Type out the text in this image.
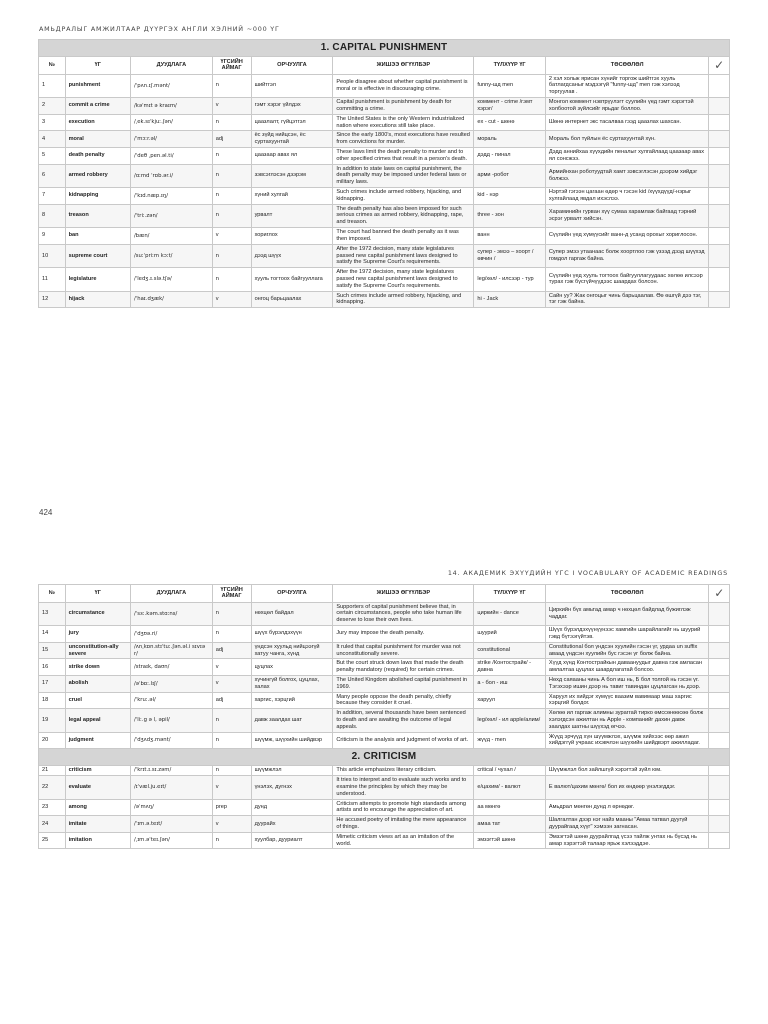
АМЬДРАЛЫГ АМЖИЛТААР ДҮҮРГЭХ АНГЛИ ХЭЛНИЙ ~000 ҮГ
1. CAPITAL PUNISHMENT								
№	ҮГ	ДУУДЛАГА	ҮГСИЙН АЙМАГ	ОРЧУУЛГА	ЖИШЭЭ ӨГҮҮЛБЭР	ТҮЛХҮҮР ҮГ	ТӨСӨӨЛӨЛ	✓
1	punishment	/ˈpʌn.ɪʃ.mənt/	n	шийтгэл	People disagree about whether capital punishment is moral or is effective in discouraging crime.	funny-шд men	2 хэл хольж ярисан хүнийг торгож шийтгэх хууль батлагдсаныг мэдээгүй "funny-шд" men гэж хэлээд торгуулав .	
2	commit a crime	/kəˈmɪt ə kraɪm/	v	гэмт хэрэг үйлдэх	Capital punishment is punishment by death for committing a crime.	коммент - crime /гэмт хэрэг/	Монгол коммент нэвтрүүлэгт суулийн үед гэмт хэрэгтэй холбоотой зүйлсийг ярьдаг боллоо.	
3	execution	/ˌek.sɪˈkjuː.ʃən/	n	цаазлалт, гүйцэтгэл	The United States is the only Western industrialized nation where executions still take place.	ex - cut - шөнө	Шөнө интернет экс тасалваа гээд цаазлах шахсан.	
4	moral	/ˈmɔːr.əl/	adj	ёс зүйд нийцсэн, ёс суртахуунтай	Since the early 1800's, most executions have resulted from convictions for murder.	мораль	Мораль бол түйлын ёс суртахуунтай хүн.	
5	death penalty	/ˈdeθ ˌpen.əl.ti/	n	цаазаар авах ял	These laws limit the death penalty to murder and to other specified crimes that result in a person's death.	дэдд - пинал	Дэдд аннийхаа хүүхдийн пеналыг хулгайлаад цаазаар авах ял сонсжээ.	
6	armed robbery	/ɑːmd ˈrɒb.ər.i/	n	зэвсэглэсэн дээрэм	In addition to state laws on capital punishment, the death penalty may be imposed under federal laws or military laws.	арми -робот	Армийнхан роботуудтай хамт зэвсэглэсэн дээрэм хийдэг болжээ.	
7	kidnapping	/ˈkɪd.næp.ɪŋ/	n	хүний хулгай	Such crimes include armed robbery, hijacking, and kidnapping.	kid - нэр	Нэртэй гэгээн цагаан өдөр ч гэсэн kid /хүүхдүүд/-нэрыг хулгайлаад явдал ихэслээ.	
8	treason	/ˈtriː.zən/	n	урвалт	The death penalty has also been imposed for such serious crimes as armed robbery, kidnapping, rape, and treason.	three - зон	Хараминийн гурван хүү сумаа харамлаж байгаад тэрний эсрэг урвалт хийсэн.	
9	ban	/bæn/	v	хориглох	The court had banned the death penalty as it was then imposed.	ванн	Сүүлийн үед хүмүүсийг ванн-д усанд орохыг хориглосон.	
10	supreme court	/suːˈpriːm kɔːt/	n	дээд шүүх	After the 1972 decision, many state legislatures passed new capital punishment laws designed to satisfy the Supreme Court's requirements.	супер - эмээ – хоорт / өвчин /	Супер эмээ утаанаас болж хоортлоо гэж үзээд дээд шүүхэд гомдол гаргаж байна.	
11	legislature	/ˈledʒ.ɪ.slə.tʃə/	n	хууль тогтоох байгууллага	After the 1972 decision, many state legislatures passed new capital punishment laws designed to satisfy the Supreme Court's requirements.	leg/хөл/ - илсээр - тур	Сүүлийн үед хууль тогтоох байгууллагуудаас хөлөө илсээр турах гэж бүсгүйчүүдээс шаардах болсон.	
12	hijack	/ˈhaɪ.dʒæk/	v	онгоц барьцаалах	Such crimes include armed robbery, hijacking, and kidnapping.	hi - Jack	Сайн уу? Жак онгоцыг чинь барьцаалав. Өө өшгүй дээ тэг, тэг гэж байна.	
424
14. АКАДЕМИК ЭХҮҮДИЙН ҮГС I VOCABULARY OF ACADEMIC READINGS
№	ҮГ	ДУУДЛАГА	ҮГСИЙН АЙМАГ	ОРЧУУЛГА	ЖИШЭЭ ӨГҮҮЛБЭР	ТҮЛХҮҮР ҮГ	ТӨСӨӨЛӨЛ	✓
13	circumstance	/ˈsɜː.kəm.stɑːns/	n	нөхцөл байдал	Supporters of capital punishment believe that, in certain circumstances, people who take human life deserve to lose their own lives.	циркийн - dance	Циркийн бүх амьтад амар ч нөхцөл байдлад бүжиглэж чаддаг.	
14	jury	/ˈdʒʊə.ri/	n	шүүх бүрэлдэхүүн	Jury may impose the death penalty.	шуурий	Шүүх бүрэлдэхүүнүүнээс хамгийн шарайлагийг нь шуурий гэвд бүтээгүйтэв.	
15	unconstitution-ally severe	/ʌnˌkɒn.stɪˈtuː.ʃən.əl.i sɪvɪə r/	adj	үндсэн хуульд нийцээгүй хатуу чанга, хүнд	It ruled that capital punishment for murder was not unconstitutionally severe.	constitutional	Constitutional бол үндсэн хуулийн гэсэн үг, урдаа un suffix аваад үндсэн хуулийн бус гэсэн үг болж байна.	
16	strike down	/straɪk, daʊn/	v	цуцлах	But the court struck down laws that made the death penalty mandatory (required) for certain crimes.	strike /Контострайк/ - давна	Хүүд хүнд Контострайкын даваануудыг давна гэж амласан амлалтаа цуцлах шаардлагатай болсоо.	
17	abolish	/əˈbɒː.lɪʃ/	v	хүчингүй болгох, цуцлах, халах	The United Kingdom abolished capital punishment in 1969.	а - бол - иш	Нөхд саяааны чинь А бол иш нь, Б бол толгой нь гэсэн үг. Тэгэхээр ишин дээр нь тавиг тавиндан цуцлагсан нь дээр.	
18	cruel	/ˈkruː.əl/	adj	харгис, хэрцгий	Many people oppose the death penalty, chiefly because they consider it cruel.	харуул	Харуул их хийдэг хүмүүс ваазим вавимаар маш харгис хэрцгий болдог.	
19	legal appeal	/ˈliː.g ə l, əpil/	n	давж заалдах шат	In addition, several thousands have been sentenced to death and are awaiting the outcome of legal appeals.	leg/хөл/ - ил apple/алим/	Хөлөө ил гаргаж алимны зураггай тирко өмссөнөөсөө болж хэлэгдсэн ажилтан нь Apple - компанийг дахин давж заалдах шатны шүүхэд өгчээ.	
20	judgment	/ˈdʒʌdʒ.mənt/	n	шүүмж, шүүхийн шийдвэр	Criticism is the analysis and judgment of works of art.	жүүд - men	Жүүд эрчүүд хүн шүүмжлэх, шүүмж хийхээс өөр ажил хийдэггүй учраас ихэвчлэн шүүхийн шийдвэрт ажилладаг.	
2. CRITICISM								
21	criticism	/ˈkrɪt.ɪ.sɪ.zəm/	n	шүүмжлэл	This article emphasizes literary criticism.	critical / чухал /	Шүүмжлэл бол зайлшгүй хэрэгтэй зүйл юм.	
22	evaluate	/ɪˈvæl.ju.eɪt/	v	үнэлэх, дүгнэх	It tries to interpret and to evaluate such works and to examine the principles by which they may be understood.	е/цахим/ - валют	Е валют/цахим мөнгө/ бол их өндөөр үнэлэгддэг.	
23	among	/əˈmʌŋ/	prep	дунд	Criticism attempts to promote high standards among artists and to encourage the appreciation of art.	аа мөнгө	Амьдрал мөнгөн дунд л өрнөдөг.	
24	imitate	/ˈɪm.ə.teɪt/	v	дуурайх	He accused poetry of imitating the mere appearance of things.	амаа тат	Шалгалтан дээр нэг найз мааны "Амаа татвал дуугүй дуурайгаад хүүг" хэмээн загнасан.	
25	imitation	/ˌɪm.əˈteɪ.ʃən/	n	хуулбар, дууриалт	Mimetic criticism views art as an imitation of the world.	эмзэгтэй шөнө	Эмзэгтэй шөнө дуурайлгад үсээ тайлж унтах нь бүсэд нь амар хэрэгтэй талаар ярьж хэлээддэе.	
